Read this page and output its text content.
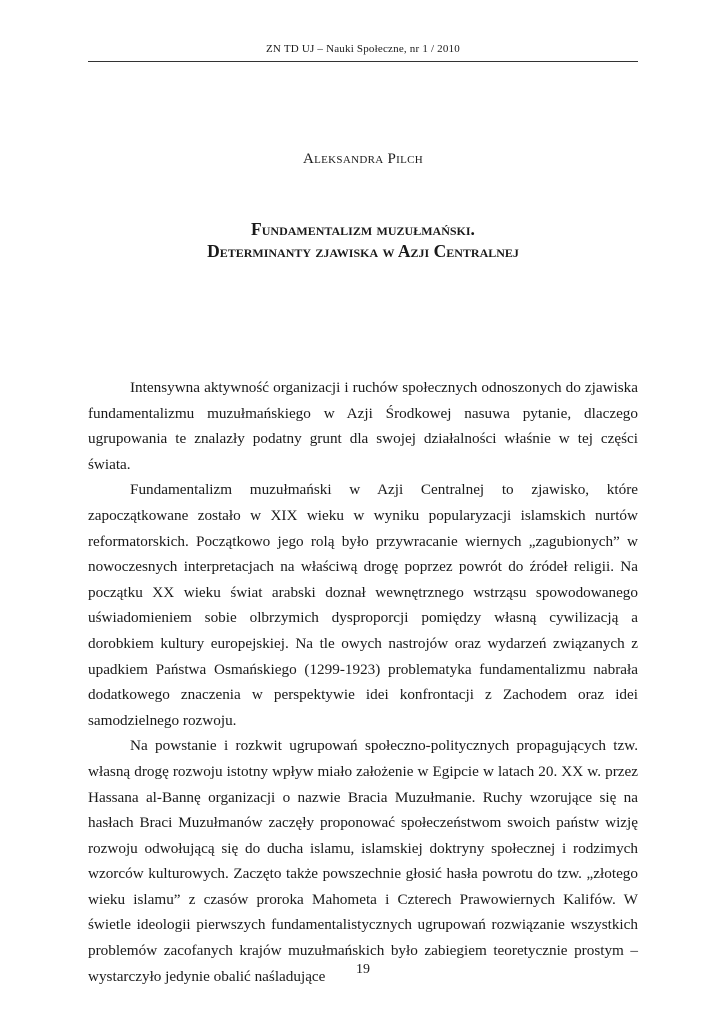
ZN TD UJ – Nauki Społeczne, nr 1 / 2010
Aleksandra Pilch
Fundamentalizm muzułmański.
Determinanty zjawiska w Azji Centralnej

Intensywna aktywność organizacji i ruchów społecznych odnoszonych do zjawiska fundamentalizmu muzułmańskiego w Azji Środkowej nasuwa pytanie, dlaczego ugrupowania te znalazły podatny grunt dla swojej działalności właśnie w tej części świata.

Fundamentalizm muzułmański w Azji Centralnej to zjawisko, które zapoczątkowane zostało w XIX wieku w wyniku popularyzacji islamskich nurtów reformatorskich. Początkowo jego rolą było przywracanie wiernych „zagubionych” w nowoczesnych interpretacjach na właściwą drogę poprzez powrót do źródeł religii. Na początku XX wieku świat arabski doznał wewnętrznego wstrząsu spowodowanego uświadomieniem sobie olbrzymich dysproporcji pomiędzy własną cywilizacją a dorobkiem kultury europejskiej. Na tle owych nastrojów oraz wydarzeń związanych z upadkiem Państwa Osmańskiego (1299-1923) problematyka fundamentalizmu nabrała dodatkowego znaczenia w perspektywie idei konfrontacji z Zachodem oraz idei samodzielnego rozwoju.

Na powstanie i rozkwit ugrupowań społeczno-politycznych propagujących tzw. własną drogę rozwoju istotny wpływ miało założenie w Egipcie w latach 20. XX w. przez Hassana al-Bannę organizacji o nazwie Bracia Muzułmanie. Ruchy wzorujące się na hasłach Braci Muzułmanów zaczęły proponować społeczeństwom swoich państw wizję rozwoju odwołującą się do ducha islamu, islamskiej doktryny społecznej i rodzimych wzorców kulturowych. Zaczęto także powszechnie głosić hasła powrotu do tzw. „złotego wieku islamu” z czasów proroka Mahometa i Czterech Prawowiernych Kalifów. W świetle ideologii pierwszych fundamentalistycznych ugrupowań rozwiązanie wszystkich problemów zacofanych krajów muzułmańskich było zabiegiem teoretycznie prostym – wystarczyło jedynie obalić naśladujące	19
